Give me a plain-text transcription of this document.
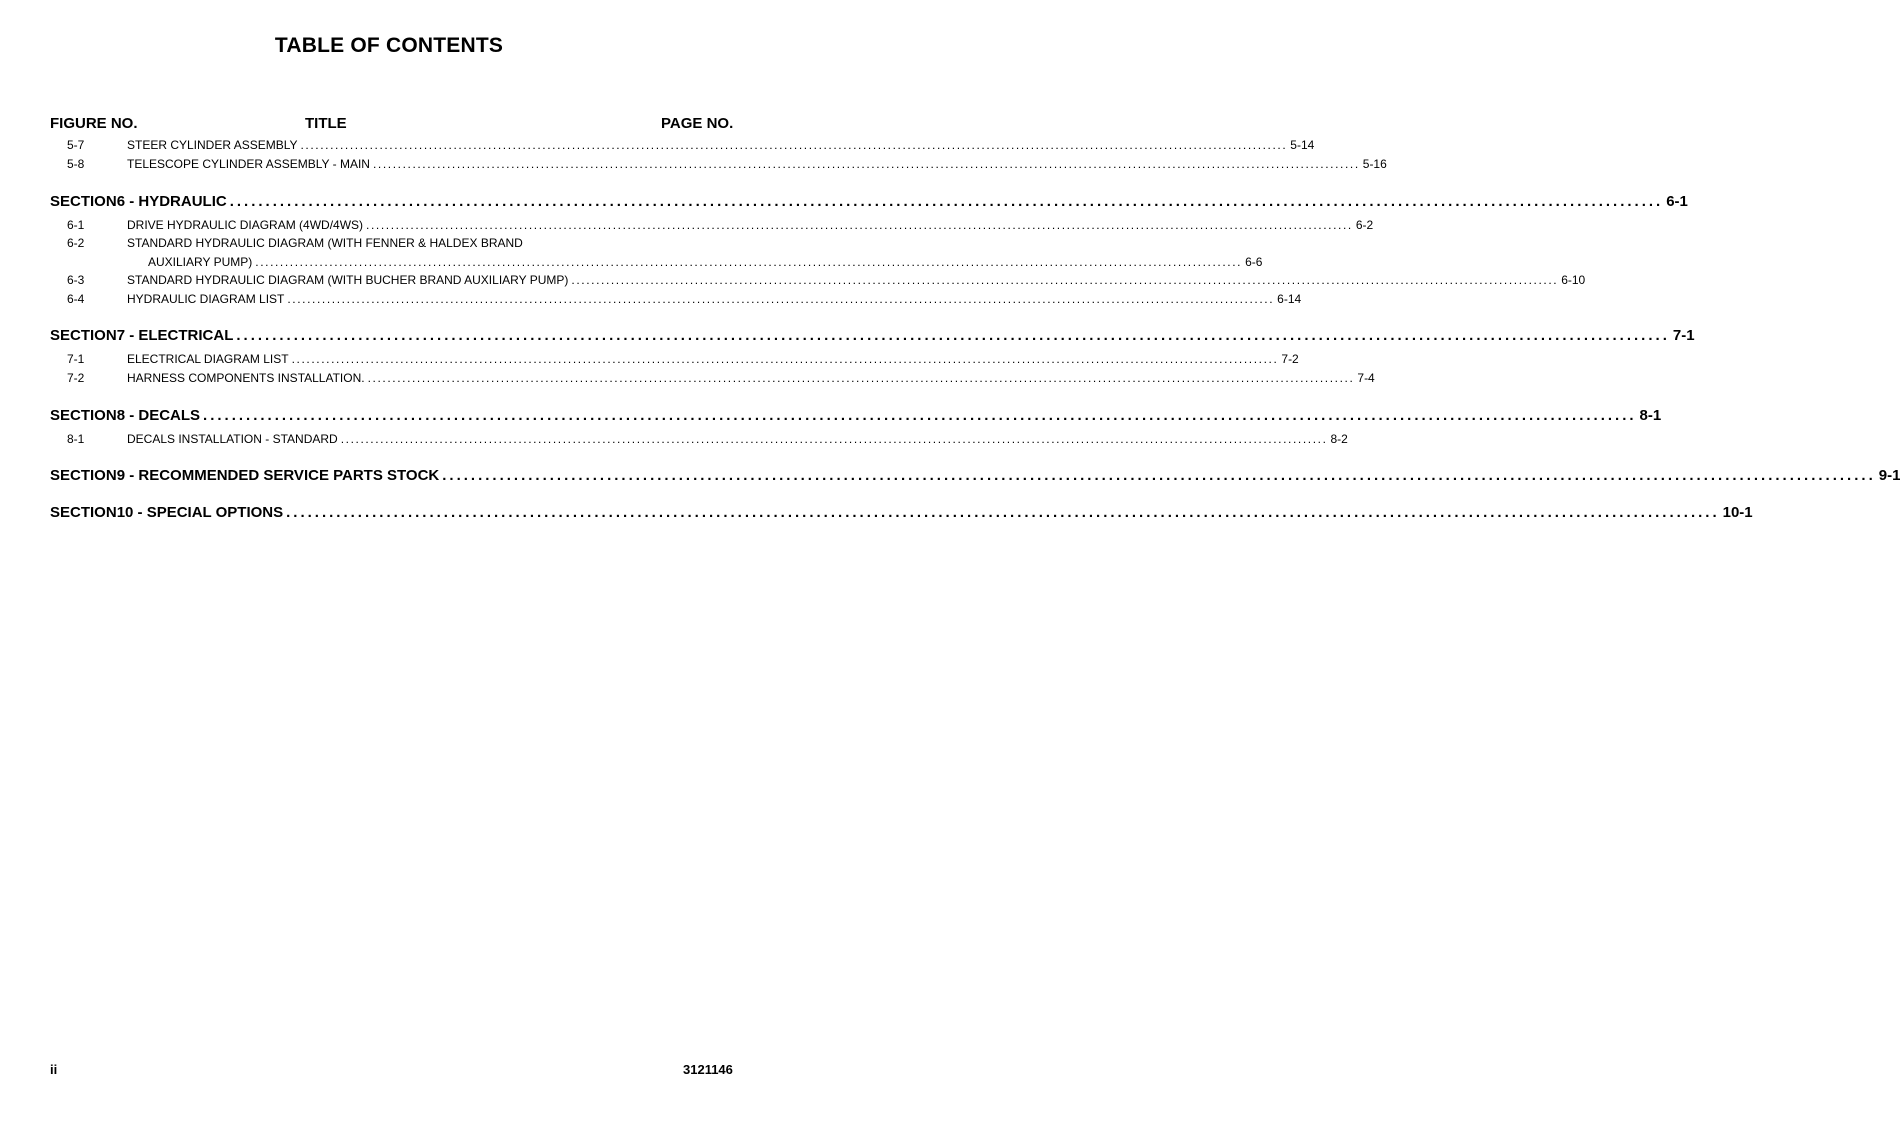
TABLE OF CONTENTS
FIGURE NO.	TITLE	PAGE NO.
5-7	STEER CYLINDER ASSEMBLY ........................................................................................................................................................................................................ 5-14
5-8	TELESCOPE CYLINDER ASSEMBLY - MAIN ........................................................................................................................................................................................................ 5-16
SECTION 6 - HYDRAULIC ........................................................................................................................................................................................................ 6-1
6-1	DRIVE HYDRAULIC DIAGRAM (4WD/4WS) ........................................................................................................................................................................................................ 6-2
6-2	STANDARD HYDRAULIC DIAGRAM (WITH FENNER & HALDEX BRAND
AUXILIARY PUMP) ........................................................................................................................................................................................................ 6-6
6-3	STANDARD HYDRAULIC DIAGRAM (WITH BUCHER BRAND AUXILIARY PUMP) ........................................................................................................................................................................................................ 6-10
6-4	HYDRAULIC DIAGRAM LIST ........................................................................................................................................................................................................ 6-14
SECTION 7 - ELECTRICAL ........................................................................................................................................................................................................ 7-1
7-1	ELECTRICAL DIAGRAM LIST ........................................................................................................................................................................................................ 7-2
7-2	HARNESS COMPONENTS INSTALLATION. ........................................................................................................................................................................................................ 7-4
SECTION 8 - DECALS ........................................................................................................................................................................................................ 8-1
8-1	DECALS INSTALLATION - STANDARD ........................................................................................................................................................................................................ 8-2
SECTION 9 - RECOMMENDED SERVICE PARTS STOCK ........................................................................................................................................................................................................ 9-1
SECTION 10 - SPECIAL OPTIONS ........................................................................................................................................................................................................ 10-1
ii	3121146
